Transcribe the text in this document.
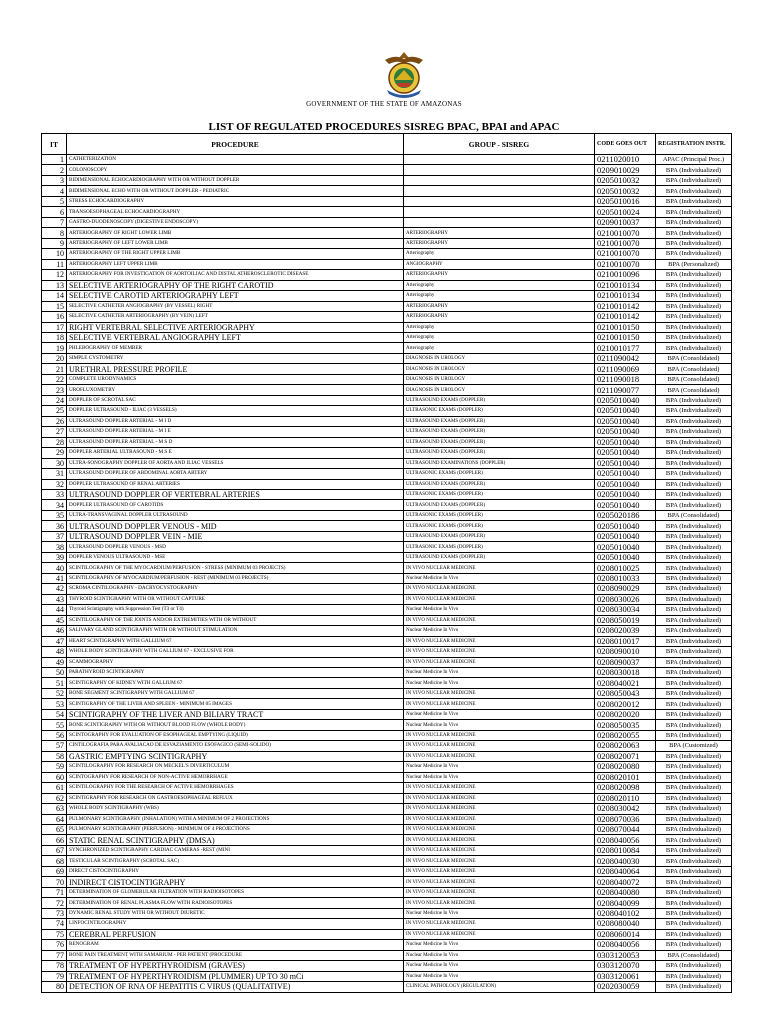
GOVERNMENT OF THE STATE OF AMAZONAS
LIST OF REGULATED PROCEDURES SISREG BPAC, BPAI and APAC
IT	PROCEDURE	GROUP - SISREG	CODE GOES OUT	REGISTRATION INSTR.
1	CATHETERIZATION		0211020010	APAC (Principal Proc.)
2	COLONOSCOPY		0209010029	BPA (Individualized)
3	BIDIMENSIONAL ECHOCARDIOGRAPHY WITH OR WITHOUT DOPPLER		0205010032	BPA (Individualized)
4	BIDIMENSIONAL ECHO WITH OR WITHOUT DOPPLER - PEDIATRIC		0205010032	BPA (Individualized)
5	STRESS ECHOCARDIOGRAPHY		0205010016	BPA (Individualized)
6	TRANSOESOPHAGEAL ECHOCARDIOGRAPHY		0205010024	BPA (Individualized)
7	GASTRO-DUODENOSCOPY (DIGESTIVE ENDOSCOPY)		0209010037	BPA (Individualized)
8	ARTERIOGRAPHY OF RIGHT LOWER LIMB	ARTERIOGRAPHY	0210010070	BPA (Individualized)
9	ARTERIOGRAPHY OF LEFT LOWER LIMB	ARTERIOGRAPHY	0210010070	BPA (Individualized)
10	ARTERIOGRAPHY OF THE RIGHT UPPER LIMB	Arteriography	0210010070	BPA (Individualized)
11	ARTERIOGRAPHY LEFT UPPER LIMB	ANGIOGRAPHY	0210010070	BPA (Personalized)
12	ARTERIOGRAPHY FOR INVESTIGATION OF AORTOILIAC AND DISTAL ATHEROSCLEROTIC DISEASE	ARTERIOGRAPHY	0210010096	BPA (Individualized)
13	SELECTIVE ARTERIOGRAPHY OF THE RIGHT CAROTID	Arteriography	0210010134	BPA (Individualized)
14	SELECTIVE CAROTID ARTERIOGRAPHY LEFT	Arteriography	0210010134	BPA (Individualized)
15	SELECTIVE CATHETER ANGIOGRAPHY (BY VESSEL) RIGHT	ARTERIOGRAPHY	0210010142	BPA (Individualized)
16	SELECTIVE CATHETER ARTERIOGRAPHY (BY VEIN) LEFT	ARTERIOGRAPHY	0210010142	BPA (Individualized)
17	RIGHT VERTEBRAL SELECTIVE ARTERIOGRAPHY	Arteriography	0210010150	BPA (Individualized)
18	SELECTIVE VERTEBRAL ANGIOGRAPHY LEFT	Arteriography	0210010150	BPA (Individualized)
19	PHLEBOGRAPHY OF MEMBER	Arteriography	0210010177	BPA (Individualized)
20	SIMPLE CYSTOMETRY	DIAGNOSIS IN UROLOGY	0211090042	BPA (Consolidated)
21	URETHRAL PRESSURE PROFILE	DIAGNOSIS IN UROLOGY	0211090069	BPA (Consolidated)
22	COMPLETE URODYNAMICS	DIAGNOSIS IN UROLOGY	0211090018	BPA (Consolidated)
23	UROFLUXOMETRY	DIAGNOSIS IN UROLOGY	0211090077	BPA (Consolidated)
24	DOPPLER OF SCROTAL SAC	ULTRASOUND EXAMS (DOPPLER)	0205010040	BPA (Individualized)
25	DOPPLER ULTRASOUND - ILIAC (3 VESSELS)	ULTRASONIC EXAMS (DOPPLER)	0205010040	BPA (Individualized)
26	ULTRASOUND DOPPLER ARTERIAL - M I D	ULTRASOUND EXAMS (DOPPLER)	0205010040	BPA (Individualized)
27	ULTRASOUND DOPPLER ARTERIAL - M I E	ULTRASOUND EXAMS (DOPPLER)	0205010040	BPA (Individualized)
28	ULTRASOUND DOPPLER ARTERIAL - M S D	ULTRASOUND EXAMS (DOPPLER)	0205010040	BPA (Individualized)
29	DOPPLER ARTERIAL ULTRASOUND - M S E	ULTRASOUND EXAMS (DOPPLER)	0205010040	BPA (Individualized)
30	ULTRA-SONOGRAPHY DOPPLER OF AORTA AND ILIAC VESSELS	ULTRASOUND EXAMINATIONS (DOPPLER)	0205010040	BPA (Individualized)
31	ULTRASOUND DOPPLER OF ABDOMINAL AORTA ARTERY	ULTRASONIC EXAMS (DOPPLER)	0205010040	BPA (Individualized)
32	DOPPLER ULTRASOUND OF RENAL ARTERIES	ULTRASOUND EXAMS (DOPPLER)	0205010040	BPA (Individualized)
33	ULTRASOUND DOPPLER OF VERTEBRAL ARTERIES	ULTRASONIC EXAMS (DOPPLER)	0205010040	BPA (Individualized)
34	DOPPLER ULTRASOUND OF CAROTIDS	ULTRASOUND EXAMS (DOPPLER)	0205010040	BPA (Individualized)
35	ULTRA-TRANSVAGINAL DOPPLER ULTRASOUND	ULTRASONIC EXAMS (DOPPLER)	0205020186	BPA (Consolidated)
36	ULTRASOUND DOPPLER VENOUS - MID	ULTRASONIC EXAMS (DOPPLER)	0205010040	BPA (Individualized)
37	ULTRASOUND DOPPLER VEIN - MIE	ULTRASOUND EXAMS (DOPPLER)	0205010040	BPA (Individualized)
38	ULTRASOUND DOPPLER VENOUS - MSD	ULTRASONIC EXAMS (DOPPLER)	0205010040	BPA (Individualized)
39	DOPPLER VENOUS ULTRASOUND - MSE	ULTRASOUND EXAMS (DOPPLER)	0205010040	BPA (Individualized)
40	SCINTILOGRAPHY OF THE MYOCARDIUM/PERFUSION - STRESS (MINIMUM 03 PROJECTS)	IN VIVO NUCLEAR MEDICINE	0208010025	BPA (Individualized)
41	SCINTILOGRAPHY OF MYOCARDIUM/PERFUSION - REST (MINIMUM 03 PROJECTS)	Nuclear Medicine In Vivo	0208010033	BPA (Individualized)
42	SCROMA CINTILOGRAPHY - DACRYOCYSTOGRAPHY	IN VIVO NUCLEAR MEDICINE	0208090029	BPA (Individualized)
43	THYROID SCINTIGRAPHY WITH OR WITHOUT CAPTURE	IN VIVO NUCLEAR MEDICINE	0208030026	BPA (Individualized)
44	Thyroid Scintigraphy with Suppression Test (T3 or T4)	Nuclear Medicine In Vivo	0208030034	BPA (Individualized)
45	SCINTILOGRAPHY OF THE JOINTS AND/OR EXTREMITIES WITH OR WITHOUT	IN VIVO NUCLEAR MEDICINE	0208050019	BPA (Individualized)
46	SALIVARY GLAND SCINTIGRAPHY WITH OR WITHOUT STIMULATION	Nuclear Medicine In Vivo	0208020039	BPA (Individualized)
47	HEART SCINTIGRAPHY WITH GALLIUM 67	IN VIVO NUCLEAR MEDICINE	0208010017	BPA (Individualized)
48	WHOLE BODY SCINTIGRAPHY WITH GALLIUM 67 - EXCLUSIVE FOR	IN VIVO NUCLEAR MEDICINE	0208090010	BPA (Individualized)
49	SCAMMOGRAPHY	IN VIVO NUCLEAR MEDICINE	0208090037	BPA (Individualized)
50	PARATHYROID SCINTIGRAPHY	Nuclear Medicine In Vivo	0208030018	BPA (Individualized)
51	SCINTIGRAPHY OF KIDNEY WITH GALLIUM 67	Nuclear Medicine In Vivo	0208040021	BPA (Individualized)
52	BONE SEGMENT SCINTIGRAPHY WITH GALLIUM 67	IN VIVO NUCLEAR MEDICINE	0208050043	BPA (Individualized)
53	SCINTIGRAPHY OF THE LIVER AND SPLEEN - MINIMUM 05 IMAGES	IN VIVO NUCLEAR MEDICINE	0208020012	BPA (Individualized)
54	SCINTIGRAPHY OF THE LIVER AND BILIARY TRACT	Nuclear Medicine In Vivo	0208020020	BPA (Individualized)
55	BONE SCINTIGRAPHY WITH OR WITHOUT BLOOD FLOW (WHOLE BODY)	Nuclear Medicine In Vivo	0208050035	BPA (Individualized)
56	SCINTOGRAPHY FOR EVALUATION OF ESOPHAGEAL EMPTYING (LIQUID)	IN VIVO NUCLEAR MEDICINE	0208020055	BPA (Individualized)
57	CINTILOGRAFIA PARA AVALIACAO DE ESVAZIAMENTO ESOFAGICO (SEMI-SOLIDO)	IN VIVO NUCLEAR MEDICINE	0208020063	BPA (Customized)
58	GASTRIC EMPTYING SCINTIGRAPHY	IN VIVO NUCLEAR MEDICINE	0208020071	BPA (Individualized)
59	SCINTILOGRAPHY FOR RESEARCH ON MECKEL'S DIVERTICULUM	Nuclear Medicine In Vivo	0208020080	BPA (Individualized)
60	SCINTOGRAPHY FOR RESEARCH OF NON-ACTIVE HEMORRHAGE	Nuclear Medicine In Vivo	0208020101	BPA (Individualized)
61	SCINTILOGRAPHY FOR THE RESEARCH OF ACTIVE HEMORRHAGES	IN VIVO NUCLEAR MEDICINE	0208020098	BPA (Individualized)
62	SCINTIGRAPHY FOR RESEARCH ON GASTROESOPHAGEAL REFLUX	IN VIVO NUCLEAR MEDICINE	0208020110	BPA (Individualized)
63	WHOLE BODY SCINTIGRAPHY (WBS)	IN VIVO NUCLEAR MEDICINE	0208030042	BPA (Individualized)
64	PULMONARY SCINTIGRAPHY (INHALATION) WITH A MINIMUM OF 2 PROJECTIONS	IN VIVO NUCLEAR MEDICINE	0208070036	BPA (Individualized)
65	PULMONARY SCINTIGRAPHY (PERFUSION) - MINIMUM OF 4 PROJECTIONS	IN VIVO NUCLEAR MEDICINE	0208070044	BPA (Individualized)
66	STATIC RENAL SCINTIGRAPHY (DMSA)	IN VIVO NUCLEAR MEDICINE	0208040056	BPA (Individualized)
67	SYNCHRONIZED SCINTIGRAPHY CARDIAC CAMERAS -REST (MINI	IN VIVO NUCLEAR MEDICINE	0208010084	BPA (Individualized)
68	TESTICULAR SCINTIGRAPHY (SCROTAL SAC)	IN VIVO NUCLEAR MEDICINE	0208040030	BPA (Individualized)
69	DIRECT CISTOCINTIGRAPHY	IN VIVO NUCLEAR MEDICINE	0208040064	BPA (Individualized)
70	INDIRECT CISTOCINTIGRAPHY	IN VIVO NUCLEAR MEDICINE	0208040072	BPA (Individualized)
71	DETERMINATION OF GLOMERULAR FILTRATION WITH RADIOISOTOPES	IN VIVO NUCLEAR MEDICINE	0208040080	BPA (Individualized)
72	DETERMINATION OF RENAL PLASMA FLOW WITH RADIOISOTOPES	IN VIVO NUCLEAR MEDICINE	0208040099	BPA (Individualized)
73	DYNAMIC RENAL STUDY WITH OR WITHOUT DIURETIC	Nuclear Medicine In Vivo	0208040102	BPA (Individualized)
74	LINFOCINTILOGRAPHY	IN VIVO NUCLEAR MEDICINE	0208080040	BPA (Individualized)
75	CEREBRAL PERFUSION	IN VIVO NUCLEAR MEDICINE	0208060014	BPA (Individualized)
76	RENOGRAM	Nuclear Medicine In Vivo	0208040056	BPA (Individualized)
77	BONE PAIN TREATMENT WITH SAMARIUM - PER PATIENT (PROCEDURE	Nuclear Medicine In Vivo	0303120053	BPA (Consolidated)
78	TREATMENT OF HYPERTHYROIDISM (GRAVES)	Nuclear Medicine In Vivo	0303120070	BPA (Individualized)
79	TREATMENT OF HYPERTHYROIDISM (PLUMMER) UP TO 30 mCi	Nuclear Medicine In Vivo	0303120061	BPA (Individualized)
80	DETECTION OF RNA OF HEPATITIS C VIRUS (QUALITATIVE)	CLINICAL PATHOLOGY (REGULATION)	0202030059	BPA (Individualized)
